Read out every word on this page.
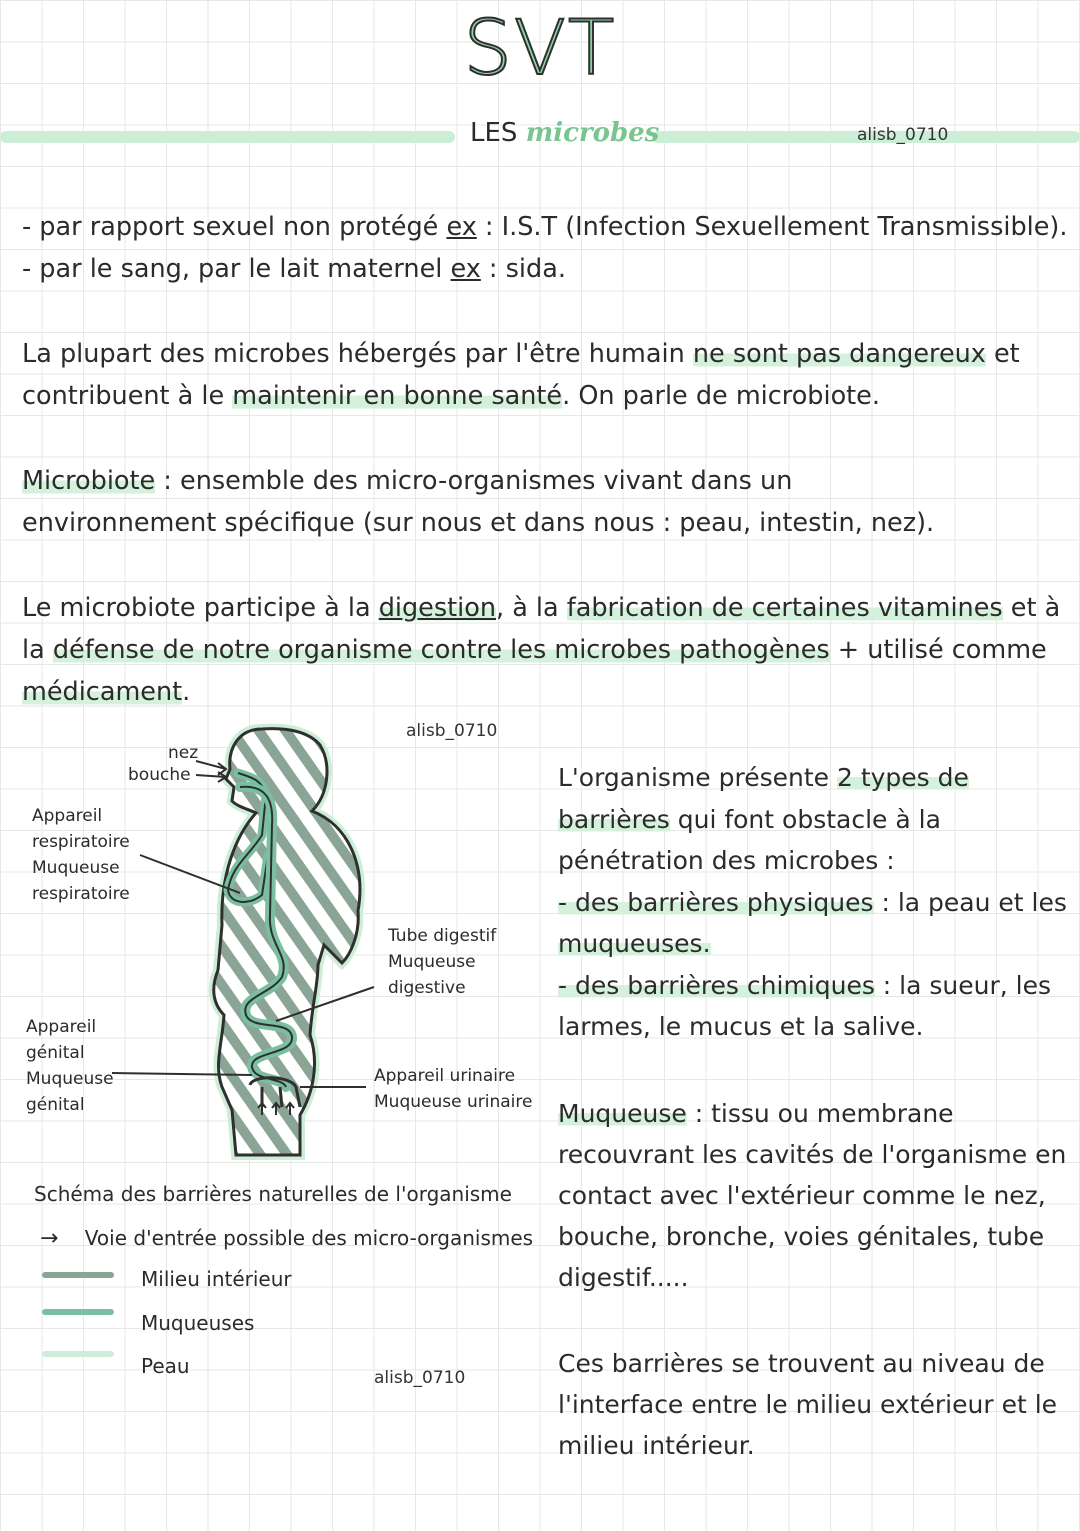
SVT
LES microbes	alisb_0710

- par rapport sexuel non protégé ex : I.S.T (Infection Sexuellement Transmissible).

- par le sang, par le lait maternel ex : sida.

La plupart des microbes hébergés par l'être humain ne sont pas dangereux et contribuent à le maintenir en bonne santé. On parle de microbiote.

Microbiote : ensemble des micro-organismes vivant dans un environnement spécifique (sur nous et dans nous : peau, intestin, nez).

Le microbiote participe à la digestion, à la fabrication de certaines vitamines et à la défense de notre organisme contre les microbes pathogènes + utilisé comme médicament.

alisb_0710
nez
bouche
Appareil
respiratoire
Muqueuse
respiratoire
Tube digestif
Muqueuse
digestive
Appareil
génital
Muqueuse
génital
Appareil urinaire
Muqueuse urinaire
Schéma des barrières naturelles de l'organisme
→ Voie d'entrée possible des micro-organismes
Milieu intérieur
Muqueuses
Peau	alisb_0710

L'organisme présente 2 types de barrières qui font obstacle à la pénétration des microbes :
- des barrières physiques : la peau et les muqueuses.
- des barrières chimiques : la sueur, les larmes, le mucus et la salive.

Muqueuse : tissu ou membrane recouvrant les cavités de l'organisme en contact avec l'extérieur comme le nez, bouche, bronche, voies génitales, tube digestif.....

Ces barrières se trouvent au niveau de l'interface entre le milieu extérieur et le milieu intérieur.
